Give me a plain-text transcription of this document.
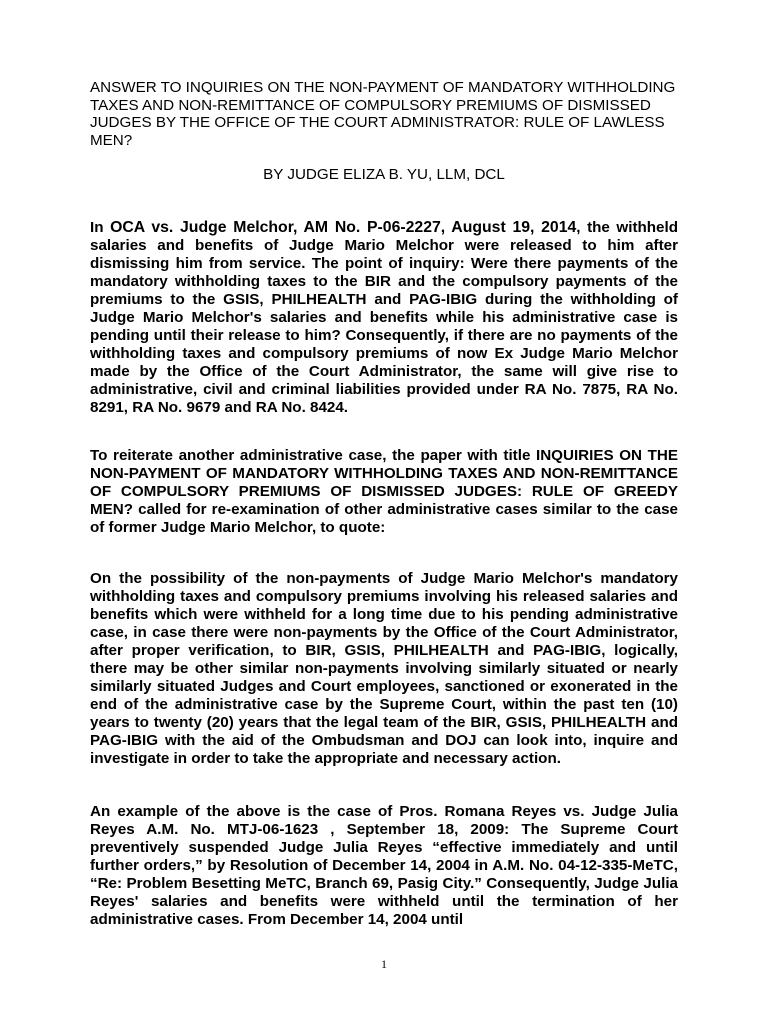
ANSWER TO INQUIRIES ON THE NON-PAYMENT OF MANDATORY WITHHOLDING TAXES AND NON-REMITTANCE OF COMPULSORY PREMIUMS OF DISMISSED JUDGES BY THE OFFICE OF THE COURT ADMINISTRATOR: RULE OF LAWLESS MEN?

BY JUDGE ELIZA B. YU, LLM, DCL

In OCA vs. Judge Melchor, AM No. P-06-2227, August 19, 2014, the withheld salaries and benefits of Judge Mario Melchor were released to him after dismissing him from service. The point of inquiry: Were there payments of the mandatory withholding taxes to the BIR and the compulsory payments of the premiums to the GSIS, PHILHEALTH and PAG-IBIG during the withholding of Judge Mario Melchor's salaries and benefits while his administrative case is pending until their release to him? Consequently, if there are no payments of the withholding taxes and compulsory premiums of now Ex Judge Mario Melchor made by the Office of the Court Administrator, the same will give rise to administrative, civil and criminal liabilities provided under RA No. 7875, RA No. 8291, RA No. 9679 and RA No. 8424.

To reiterate another administrative case, the paper with title INQUIRIES ON THE NON-PAYMENT OF MANDATORY WITHHOLDING TAXES AND NON-REMITTANCE OF COMPULSORY PREMIUMS OF DISMISSED JUDGES: RULE OF GREEDY MEN? called for re-examination of other administrative cases similar to the case of former Judge Mario Melchor, to quote:

On the possibility of the non-payments of Judge Mario Melchor's mandatory withholding taxes and compulsory premiums involving his released salaries and benefits which were withheld for a long time due to his pending administrative case, in case there were non-payments by the Office of the Court Administrator, after proper verification, to BIR, GSIS, PHILHEALTH and PAG-IBIG, logically, there may be other similar non-payments involving similarly situated or nearly similarly situated Judges and Court employees, sanctioned or exonerated in the end of the administrative case by the Supreme Court, within the past ten (10) years to twenty (20) years that the legal team of the BIR, GSIS, PHILHEALTH and PAG-IBIG with the aid of the Ombudsman and DOJ can look into, inquire and investigate in order to take the appropriate and necessary action.

An example of the above is the case of Pros. Romana Reyes vs. Judge Julia Reyes A.M. No. MTJ-06-1623 , September 18, 2009: The Supreme Court preventively suspended Judge Julia Reyes “effective immediately and until further orders,” by Resolution of December 14, 2004 in A.M. No. 04-12-335-MeTC, “Re: Problem Besetting MeTC, Branch 69, Pasig City.” Consequently, Judge Julia Reyes' salaries and benefits were withheld until the termination of her administrative cases. From December 14, 2004 until

1
